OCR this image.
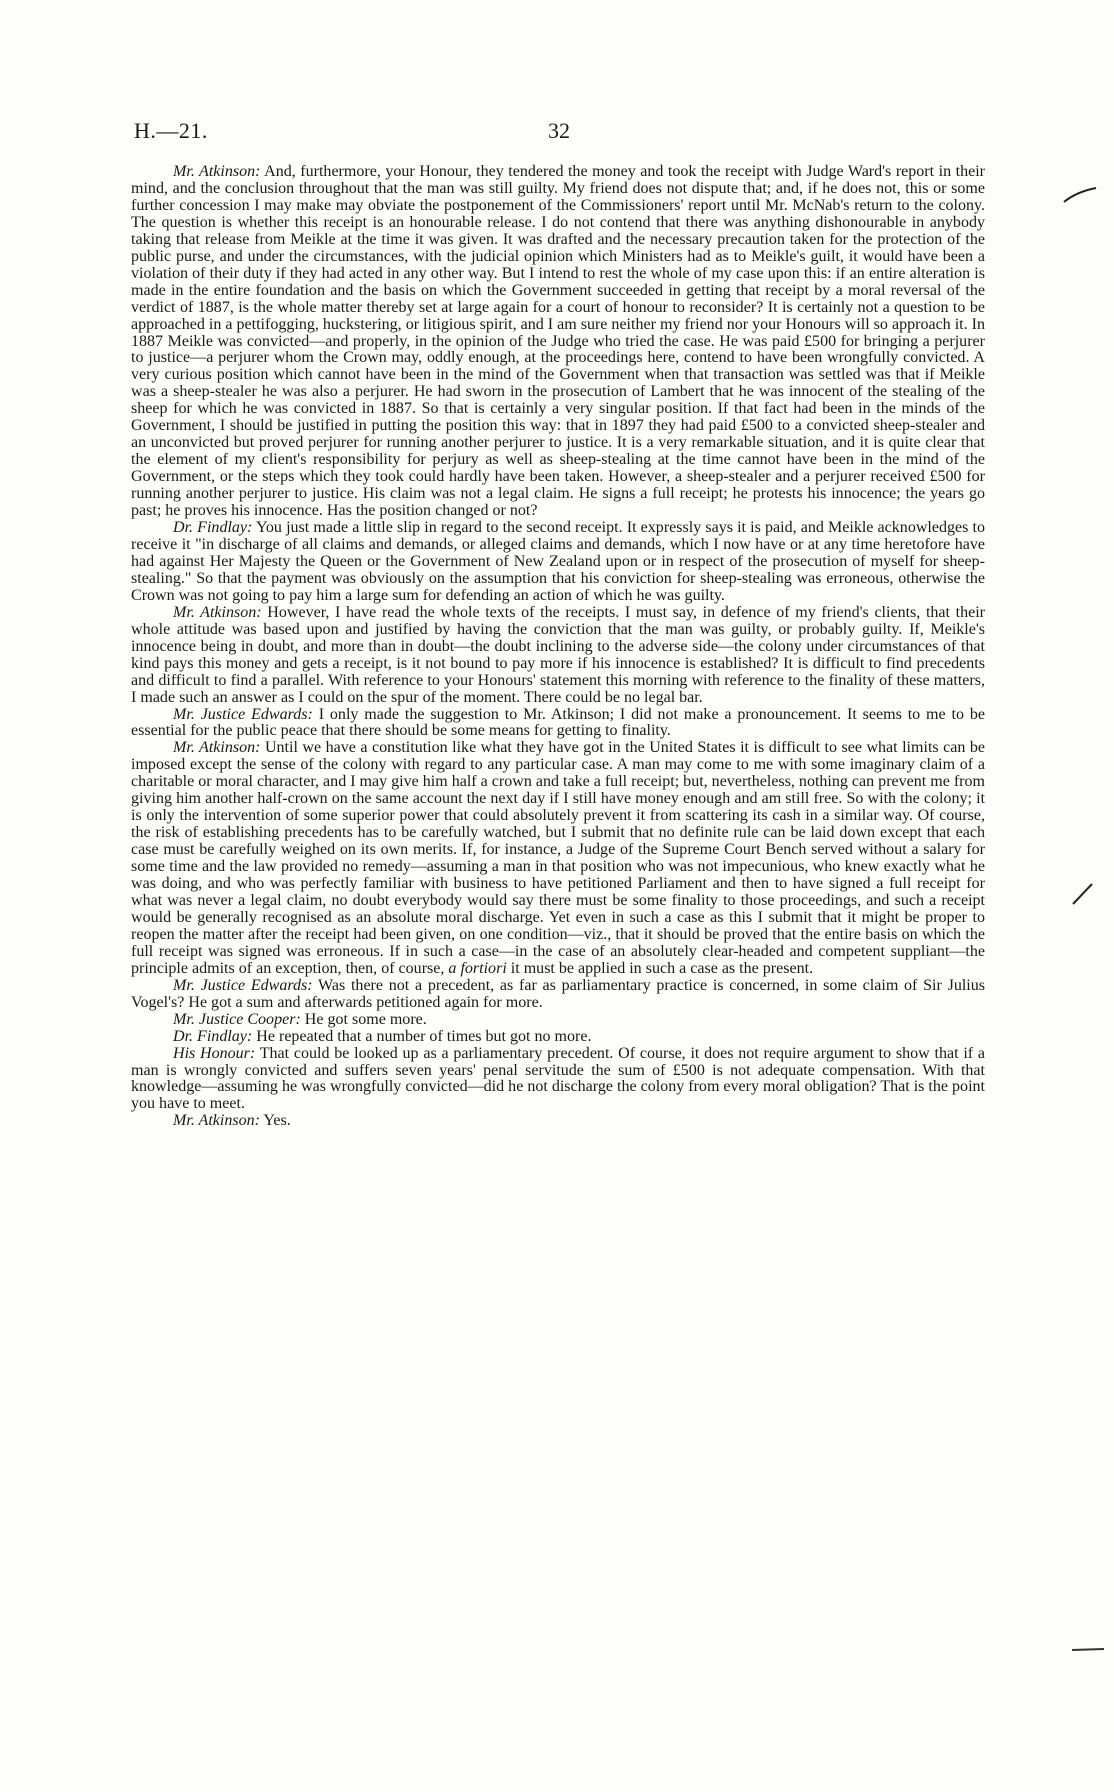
H.—21.	32

Mr. Atkinson: And, furthermore, your Honour, they tendered the money and took the receipt with Judge Ward's report in their mind, and the conclusion throughout that the man was still guilty. My friend does not dispute that; and, if he does not, this or some further concession I may make may obviate the postponement of the Commissioners' report until Mr. McNab's return to the colony. The question is whether this receipt is an honourable release. I do not contend that there was anything dishonourable in anybody taking that release from Meikle at the time it was given. It was drafted and the necessary precaution taken for the protection of the public purse, and under the circumstances, with the judicial opinion which Ministers had as to Meikle's guilt, it would have been a violation of their duty if they had acted in any other way. But I intend to rest the whole of my case upon this: if an entire alteration is made in the entire foundation and the basis on which the Government succeeded in getting that receipt by a moral reversal of the verdict of 1887, is the whole matter thereby set at large again for a court of honour to reconsider? It is certainly not a question to be approached in a pettifogging, huckstering, or litigious spirit, and I am sure neither my friend nor your Honours will so approach it. In 1887 Meikle was convicted—and properly, in the opinion of the Judge who tried the case. He was paid £500 for bringing a perjurer to justice—a perjurer whom the Crown may, oddly enough, at the proceedings here, contend to have been wrongfully convicted. A very curious position which cannot have been in the mind of the Government when that transaction was settled was that if Meikle was a sheep-stealer he was also a perjurer. He had sworn in the prosecution of Lambert that he was innocent of the stealing of the sheep for which he was convicted in 1887. So that is certainly a very singular position. If that fact had been in the minds of the Government, I should be justified in putting the position this way: that in 1897 they had paid £500 to a convicted sheep-stealer and an unconvicted but proved perjurer for running another perjurer to justice. It is a very remarkable situation, and it is quite clear that the element of my client's responsibility for perjury as well as sheep-stealing at the time cannot have been in the mind of the Government, or the steps which they took could hardly have been taken. However, a sheep-stealer and a perjurer received £500 for running another perjurer to justice. His claim was not a legal claim. He signs a full receipt; he protests his innocence; the years go past; he proves his innocence. Has the position changed or not?

Dr. Findlay: You just made a little slip in regard to the second receipt. It expressly says it is paid, and Meikle acknowledges to receive it "in discharge of all claims and demands, or alleged claims and demands, which I now have or at any time heretofore have had against Her Majesty the Queen or the Government of New Zealand upon or in respect of the prosecution of myself for sheep-stealing." So that the payment was obviously on the assumption that his conviction for sheep-stealing was erroneous, otherwise the Crown was not going to pay him a large sum for defending an action of which he was guilty.

Mr. Atkinson: However, I have read the whole texts of the receipts. I must say, in defence of my friend's clients, that their whole attitude was based upon and justified by having the conviction that the man was guilty, or probably guilty. If, Meikle's innocence being in doubt, and more than in doubt—the doubt inclining to the adverse side—the colony under circumstances of that kind pays this money and gets a receipt, is it not bound to pay more if his innocence is established? It is difficult to find precedents and difficult to find a parallel. With reference to your Honours' statement this morning with reference to the finality of these matters, I made such an answer as I could on the spur of the moment. There could be no legal bar.

Mr. Justice Edwards: I only made the suggestion to Mr. Atkinson; I did not make a pronouncement. It seems to me to be essential for the public peace that there should be some means for getting to finality.

Mr. Atkinson: Until we have a constitution like what they have got in the United States it is difficult to see what limits can be imposed except the sense of the colony with regard to any particular case. A man may come to me with some imaginary claim of a charitable or moral character, and I may give him half a crown and take a full receipt; but, nevertheless, nothing can prevent me from giving him another half-crown on the same account the next day if I still have money enough and am still free. So with the colony; it is only the intervention of some superior power that could absolutely prevent it from scattering its cash in a similar way. Of course, the risk of establishing precedents has to be carefully watched, but I submit that no definite rule can be laid down except that each case must be carefully weighed on its own merits. If, for instance, a Judge of the Supreme Court Bench served without a salary for some time and the law provided no remedy—assuming a man in that position who was not impecunious, who knew exactly what he was doing, and who was perfectly familiar with business to have petitioned Parliament and then to have signed a full receipt for what was never a legal claim, no doubt everybody would say there must be some finality to those proceedings, and such a receipt would be generally recognised as an absolute moral discharge. Yet even in such a case as this I submit that it might be proper to reopen the matter after the receipt had been given, on one condition—viz., that it should be proved that the entire basis on which the full receipt was signed was erroneous. If in such a case—in the case of an absolutely clear-headed and competent suppliant—the principle admits of an exception, then, of course, a fortiori it must be applied in such a case as the present.

Mr. Justice Edwards: Was there not a precedent, as far as parliamentary practice is concerned, in some claim of Sir Julius Vogel's? He got a sum and afterwards petitioned again for more.

Mr. Justice Cooper: He got some more.

Dr. Findlay: He repeated that a number of times but got no more.

His Honour: That could be looked up as a parliamentary precedent. Of course, it does not require argument to show that if a man is wrongly convicted and suffers seven years' penal servitude the sum of £500 is not adequate compensation. With that knowledge—assuming he was wrongfully convicted—did he not discharge the colony from every moral obligation? That is the point you have to meet.

Mr. Atkinson: Yes.
